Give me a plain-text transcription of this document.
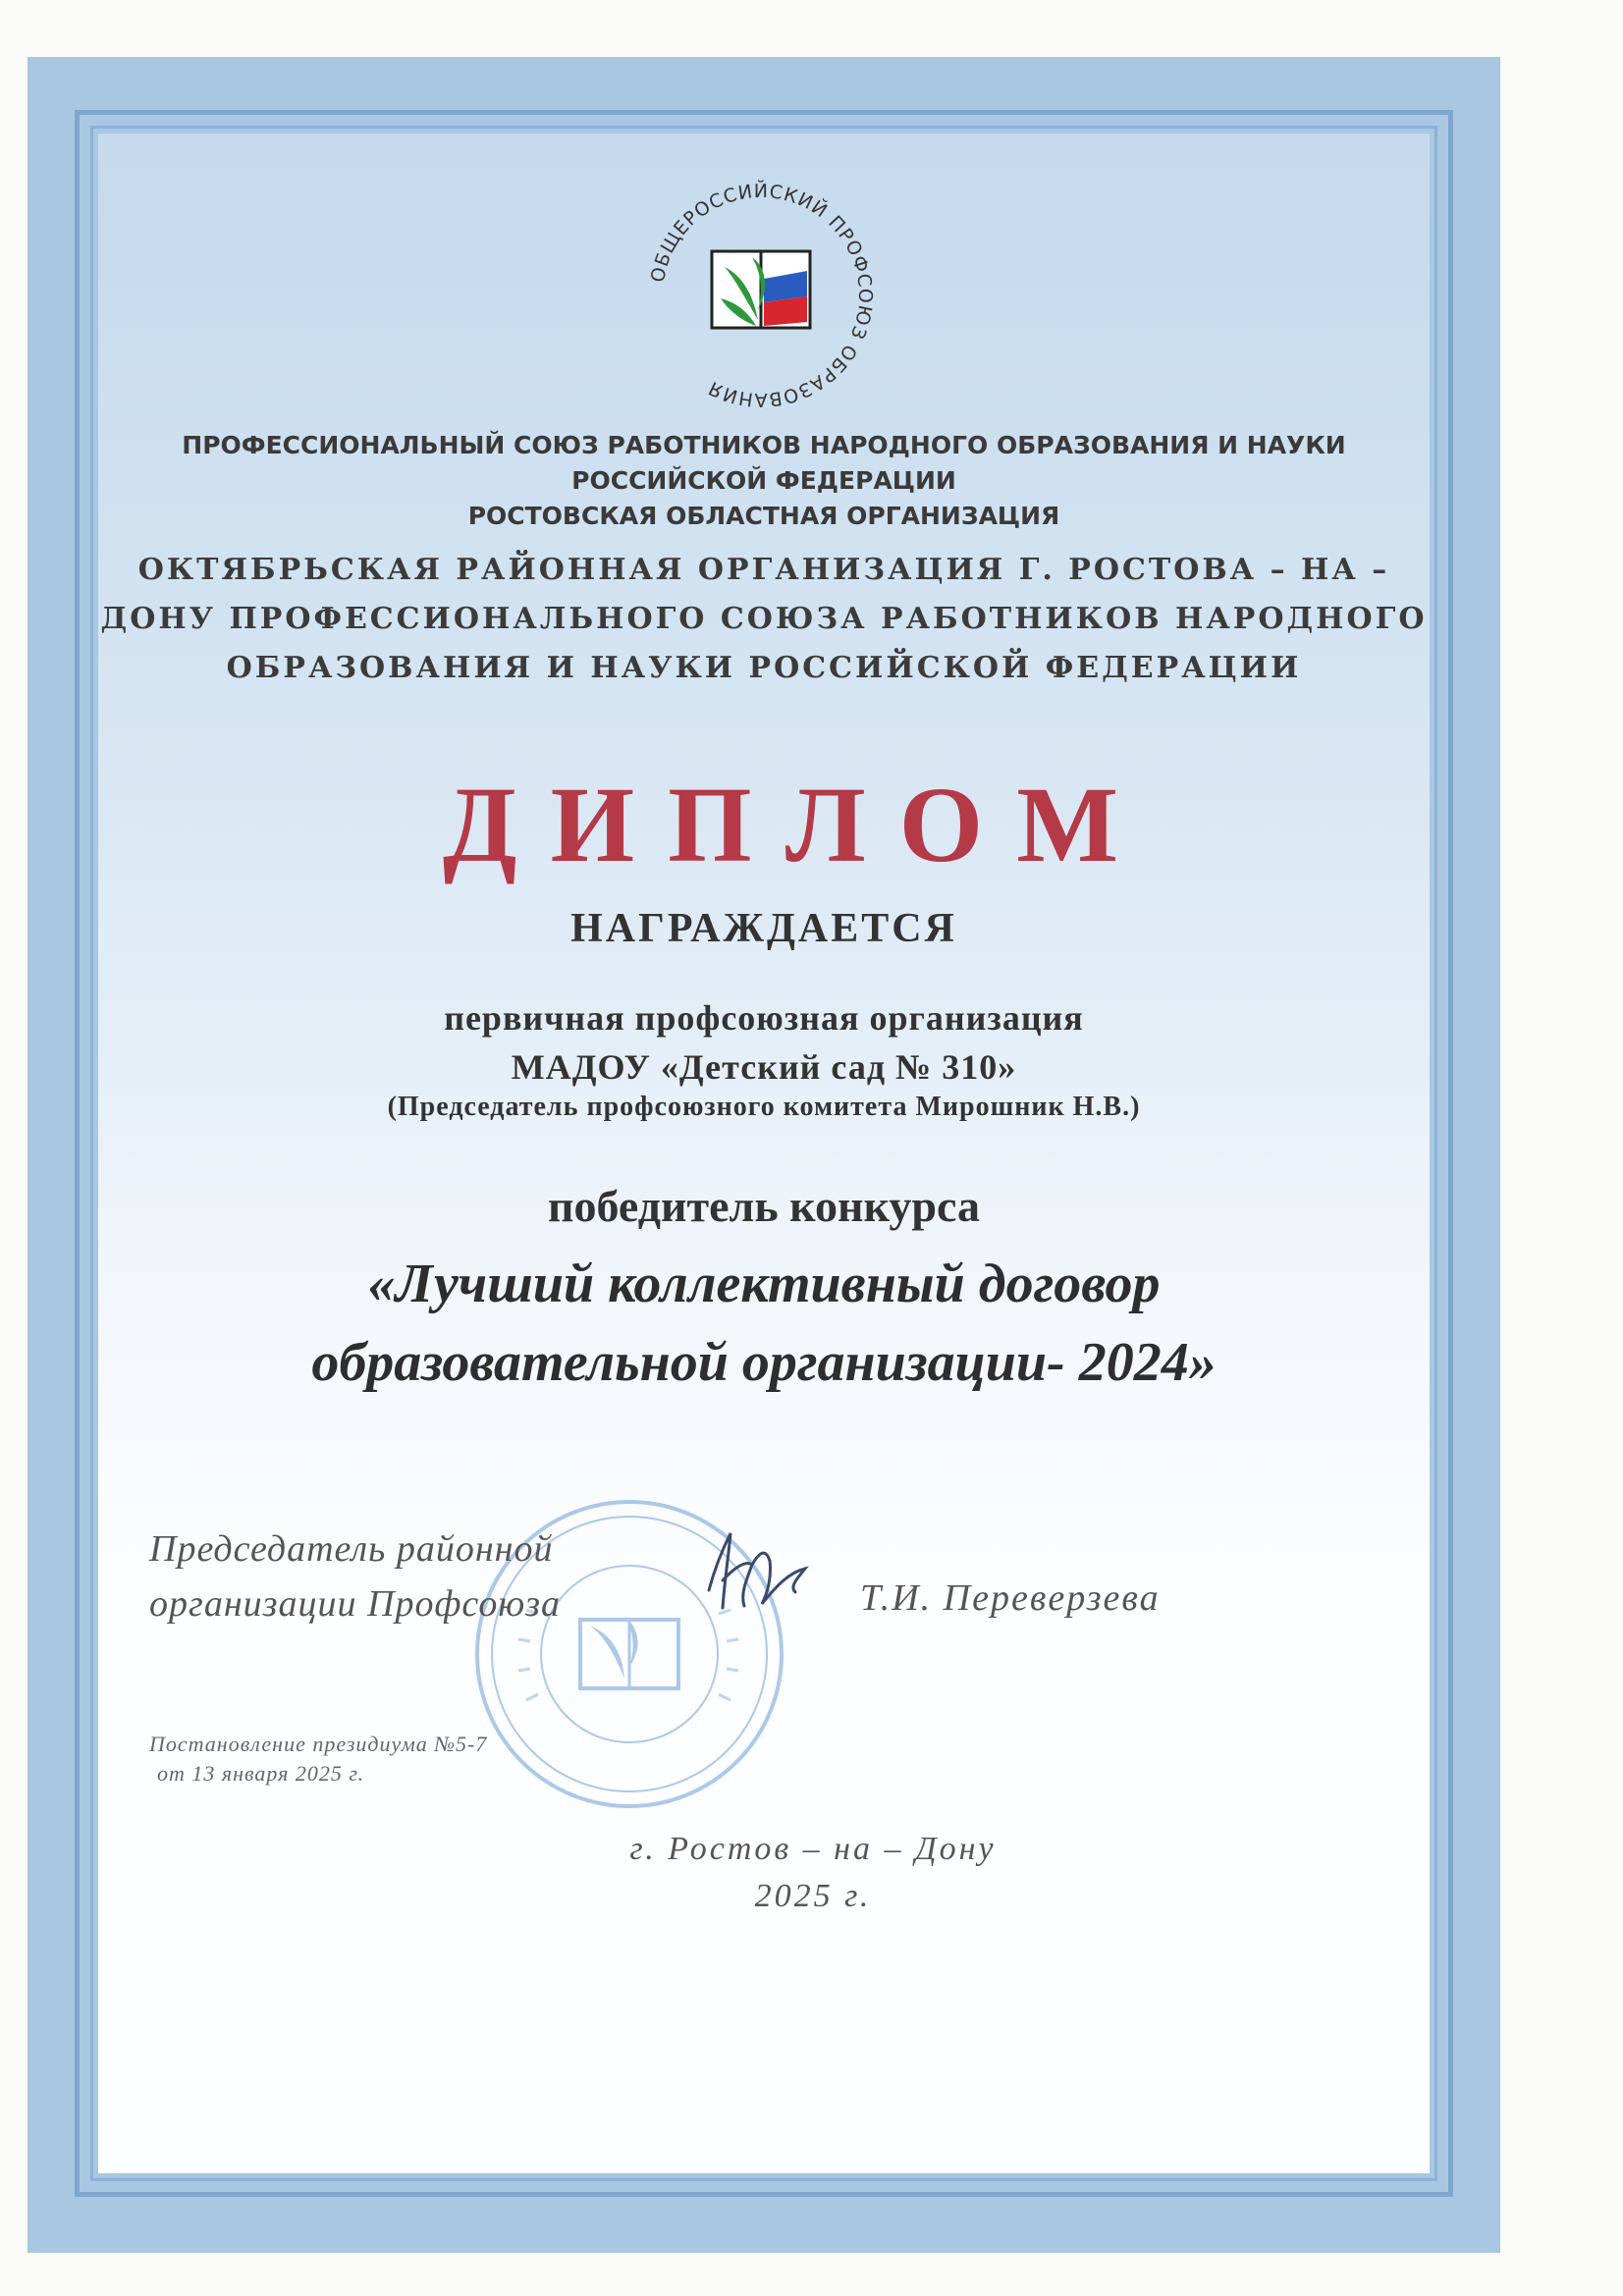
ОБЩЕРОССИЙСКИЙ ПРОФСОЮЗ ОБРАЗОВАНИЯ
ПРОФЕССИОНАЛЬНЫЙ СОЮЗ РАБОТНИКОВ НАРОДНОГО ОБРАЗОВАНИЯ И НАУКИ
РОССИЙСКОЙ ФЕДЕРАЦИИ
РОСТОВСКАЯ ОБЛАСТНАЯ ОРГАНИЗАЦИЯ
ОКТЯБРЬСКАЯ РАЙОННАЯ ОРГАНИЗАЦИЯ Г. РОСТОВА – НА –
ДОНУ ПРОФЕССИОНАЛЬНОГО СОЮЗА РАБОТНИКОВ НАРОДНОГО
ОБРАЗОВАНИЯ И НАУКИ РОССИЙСКОЙ ФЕДЕРАЦИИ
ДИПЛОМ
НАГРАЖДАЕТСЯ
первичная профсоюзная организация
МАДОУ «Детский сад № 310»
(Председатель профсоюзного комитета Мирошник Н.В.)
победитель конкурса
«Лучший коллективный договор
образовательной организации- 2024»
Председатель районной
организации Профсоюза	Т.И. Переверзева
Постановление президиума №5-7
от 13 января 2025 г.
г. Ростов – на – Дону
2025 г.
